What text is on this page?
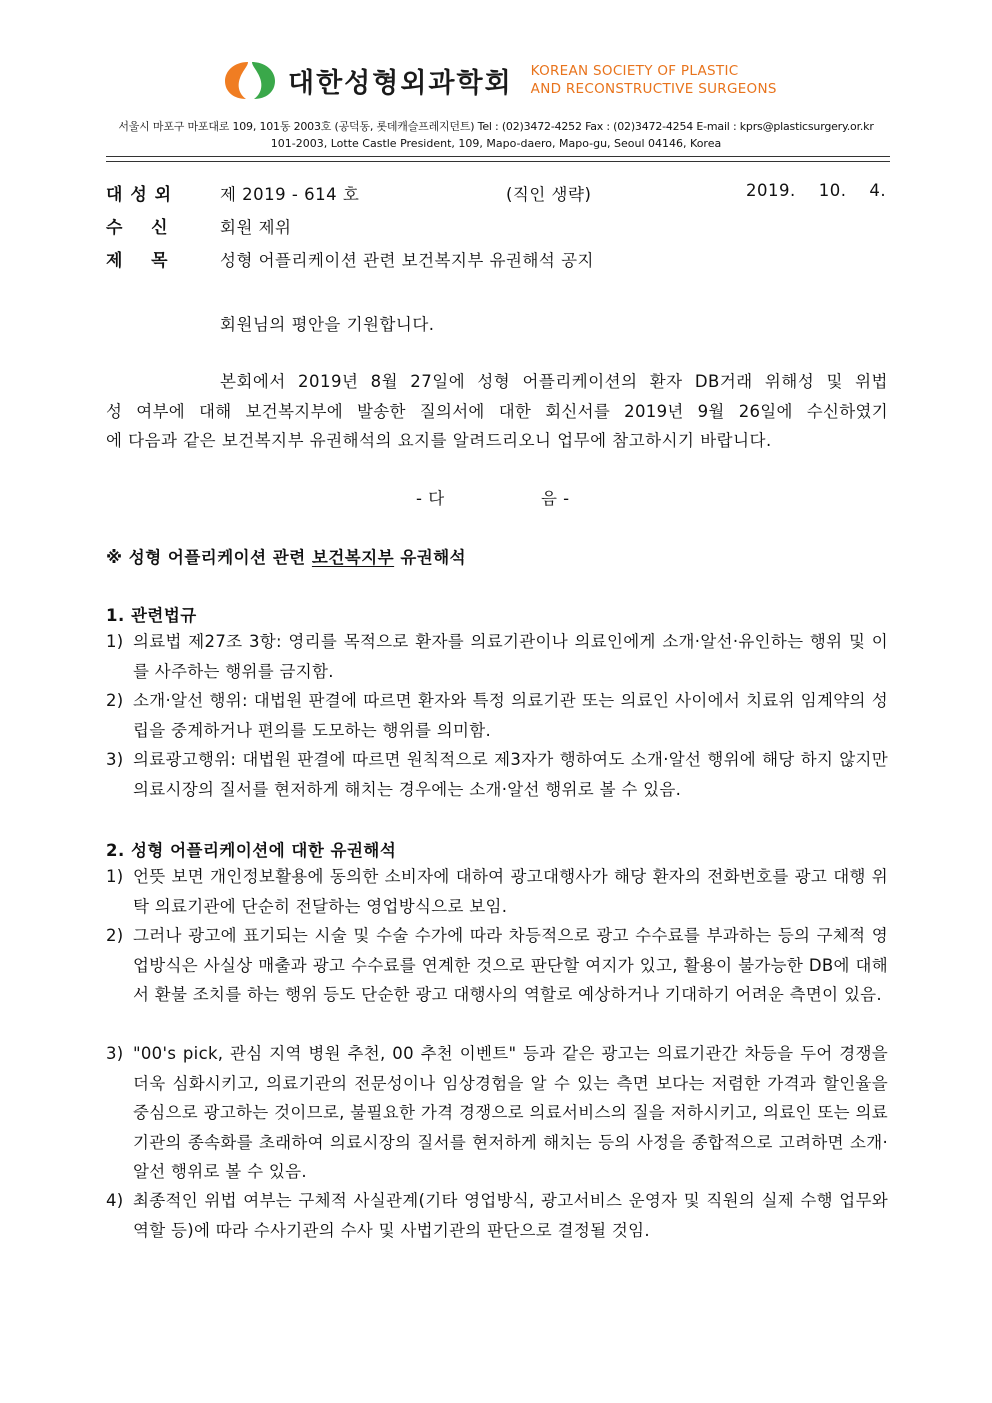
1966 대한성형외과학회 KOREAN SOCIETY OF PLASTIC
AND RECONSTRUCTIVE SURGEONS
서울시 마포구 마포대로 109, 101동 2003호 (공덕동, 롯데캐슬프레지던트) Tel : (02)3472-4252 Fax : (02)3472-4254 E-mail : kprs@plasticsurgery.or.kr
101-2003, Lotte Castle President, 109, Mapo-daero, Mapo-gu, Seoul 04146, Korea
대 성 외	제 2019 - 614 호	(직인 생략)	2019.    10.    4.
수    신	회원 제위
제    목	성형 어플리케이션 관련 보건복지부 유권해석 공지
회원님의 평안을 기원합니다.
본회에서 2019년 8월 27일에 성형 어플리케이션의 환자 DB거래 위해성 및 위법
성 여부에 대해 보건복지부에 발송한 질의서에 대한 회신서를 2019년 9월 26일에 수신하였기
에 다음과 같은 보건복지부 유권해석의 요지를 알려드리오니 업무에 참고하시기 바랍니다.
- 다	음 -
※ 성형 어플리케이션 관련 보건복지부 유권해석
1. 관련법규
1) 의료법 제27조 3항: 영리를 목적으로 환자를 의료기관이나 의료인에게 소개·알선·유인하는 행위 및 이를 사주하는 행위를 금지함.
2) 소개·알선 행위: 대법원 판결에 따르면 환자와 특정 의료기관 또는 의료인 사이에서 치료위 임계약의 성립을 중계하거나 편의를 도모하는 행위를 의미함.
3) 의료광고행위: 대법원 판결에 따르면 원칙적으로 제3자가 행하여도 소개·알선 행위에 해당 하지 않지만 의료시장의 질서를 현저하게 해치는 경우에는 소개·알선 행위로 볼 수 있음.
2. 성형 어플리케이션에 대한 유권해석
1) 언뜻 보면 개인정보활용에 동의한 소비자에 대하여 광고대행사가 해당 환자의 전화번호를 광고 대행 위탁 의료기관에 단순히 전달하는 영업방식으로 보임.
2) 그러나 광고에 표기되는 시술 및 수술 수가에 따라 차등적으로 광고 수수료를 부과하는 등의 구체적 영업방식은 사실상 매출과 광고 수수료를 연계한 것으로 판단할 여지가 있고, 활용이 불가능한 DB에 대해서 환불 조치를 하는 행위 등도 단순한 광고 대행사의 역할로 예상하거나 기대하기 어려운 측면이 있음.
3) "00's pick, 관심 지역 병원 추천, 00 추천 이벤트" 등과 같은 광고는 의료기관간 차등을 두어 경쟁을 더욱 심화시키고, 의료기관의 전문성이나 임상경험을 알 수 있는 측면 보다는 저렴한 가격과 할인율을 중심으로 광고하는 것이므로, 불필요한 가격 경쟁으로 의료서비스의 질을 저하시키고, 의료인 또는 의료기관의 종속화를 초래하여 의료시장의 질서를 현저하게 해치는 등의 사정을 종합적으로 고려하면 소개·알선 행위로 볼 수 있음.
4) 최종적인 위법 여부는 구체적 사실관계(기타 영업방식, 광고서비스 운영자 및 직원의 실제 수행 업무와 역할 등)에 따라 수사기관의 수사 및 사법기관의 판단으로 결정될 것임.
